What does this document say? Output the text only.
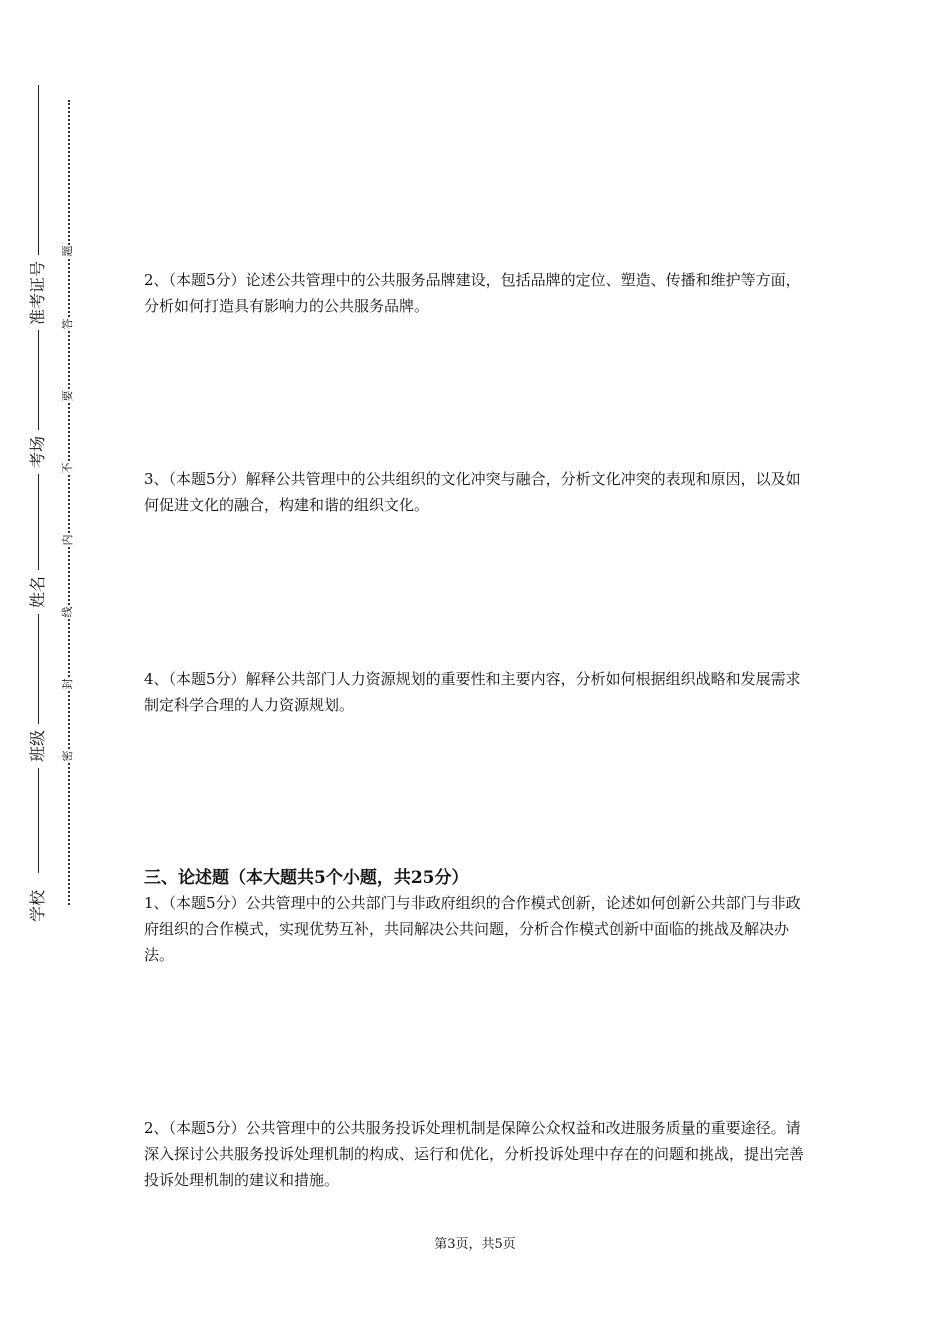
准考证号
考场
姓名
班级
学校
题
答
要
不
内
线
封
密
2、（本题5分）论述公共管理中的公共服务品牌建设，包括品牌的定位、塑造、传播和维护等方面，分析如何打造具有影响力的公共服务品牌。
3、（本题5分）解释公共管理中的公共组织的文化冲突与融合，分析文化冲突的表现和原因，以及如何促进文化的融合，构建和谐的组织文化。
4、（本题5分）解释公共部门人力资源规划的重要性和主要内容，分析如何根据组织战略和发展需求制定科学合理的人力资源规划。
三、论述题（本大题共5个小题，共25分）
1、（本题5分）公共管理中的公共部门与非政府组织的合作模式创新，论述如何创新公共部门与非政府组织的合作模式，实现优势互补，共同解决公共问题，分析合作模式创新中面临的挑战及解决办法。
2、（本题5分）公共管理中的公共服务投诉处理机制是保障公众权益和改进服务质量的重要途径。请深入探讨公共服务投诉处理机制的构成、运行和优化，分析投诉处理中存在的问题和挑战，提出完善投诉处理机制的建议和措施。
第3页，共5页
